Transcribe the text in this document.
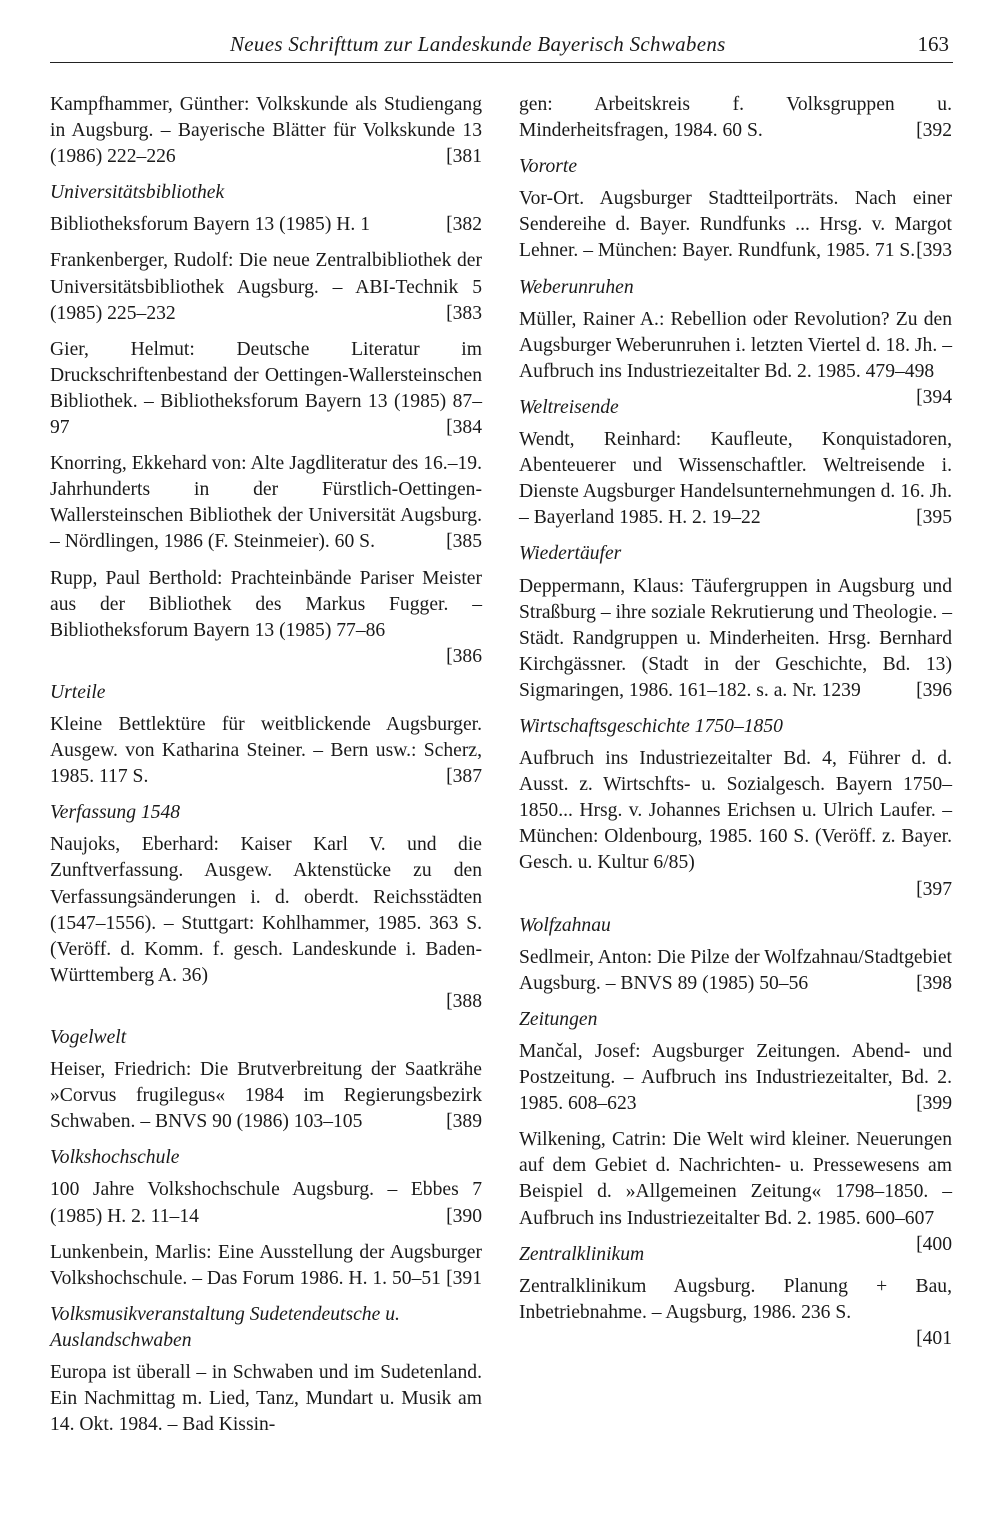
Neues Schrifttum zur Landeskunde Bayerisch Schwabens	163
Kampfhammer, Günther: Volkskunde als Studiengang in Augsburg. – Bayerische Blätter für Volkskunde 13 (1986) 222–226	[381
Universitätsbibliothek
Bibliotheksforum Bayern 13 (1985) H. 1	[382
Frankenberger, Rudolf: Die neue Zentralbibliothek der Universitätsbibliothek Augsburg. – ABI-Technik 5 (1985) 225–232	[383
Gier, Helmut: Deutsche Literatur im Druckschriftenbestand der Oettingen-Wallersteinschen Bibliothek. – Bibliotheksforum Bayern 13 (1985) 87–97	[384
Knorring, Ekkehard von: Alte Jagdliteratur des 16.–19. Jahrhunderts in der Fürstlich-Oettingen-Wallersteinschen Bibliothek der Universität Augsburg. – Nördlingen, 1986 (F. Steinmeier). 60 S.	[385
Rupp, Paul Berthold: Prachteinbände Pariser Meister aus der Bibliothek des Markus Fugger. – Bibliotheksforum Bayern 13 (1985) 77–86
[386
Urteile
Kleine Bettlektüre für weitblickende Augsburger. Ausgew. von Katharina Steiner. – Bern usw.: Scherz, 1985. 117 S.	[387
Verfassung 1548
Naujoks, Eberhard: Kaiser Karl V. und die Zunftverfassung. Ausgew. Aktenstücke zu den Verfassungsänderungen i. d. oberdt. Reichsstädten (1547–1556). – Stuttgart: Kohlhammer, 1985. 363 S. (Veröff. d. Komm. f. gesch. Landeskunde i. Baden-Württemberg A. 36)
[388
Vogelwelt
Heiser, Friedrich: Die Brutverbreitung der Saatkrähe »Corvus frugilegus« 1984 im Regierungsbezirk Schwaben. – BNVS 90 (1986) 103–105	[389
Volkshochschule
100 Jahre Volkshochschule Augsburg. – Ebbes 7 (1985) H. 2. 11–14	[390
Lunkenbein, Marlis: Eine Ausstellung der Augsburger Volkshochschule. – Das Forum 1986. H. 1. 50–51 [391
Volksmusikveranstaltung Sudetendeutsche u. Auslandschwaben
Europa ist überall – in Schwaben und im Sudetenland. Ein Nachmittag m. Lied, Tanz, Mundart u. Musik am 14. Okt. 1984. – Bad Kissin-
gen: Arbeitskreis f. Volksgruppen u. Minderheitsfragen, 1984. 60 S.	[392
Vororte
Vor-Ort. Augsburger Stadtteilporträts. Nach einer Sendereihe d. Bayer. Rundfunks ... Hrsg. v. Margot Lehner. – München: Bayer. Rundfunk, 1985. 71 S. [393
Weberunruhen
Müller, Rainer A.: Rebellion oder Revolution? Zu den Augsburger Weberunruhen i. letzten Viertel d. 18. Jh. – Aufbruch ins Industriezeitalter Bd. 2. 1985. 479–498
[394
Weltreisende
Wendt, Reinhard: Kaufleute, Konquistadoren, Abenteuerer und Wissenschaftler. Weltreisende i. Dienste Augsburger Handelsunternehmungen d. 16. Jh. – Bayerland 1985. H. 2. 19–22	[395
Wiedertäufer
Deppermann, Klaus: Täufergruppen in Augsburg und Straßburg – ihre soziale Rekrutierung und Theologie. – Städt. Randgruppen u. Minderheiten. Hrsg. Bernhard Kirchgässner. (Stadt in der Geschichte, Bd. 13) Sigmaringen, 1986. 161–182. s. a. Nr. 1239	[396
Wirtschaftsgeschichte 1750–1850
Aufbruch ins Industriezeitalter Bd. 4, Führer d. d. Ausst. z. Wirtschfts- u. Sozialgesch. Bayern 1750–1850... Hrsg. v. Johannes Erichsen u. Ulrich Laufer. – München: Oldenbourg, 1985. 160 S. (Veröff. z. Bayer. Gesch. u. Kultur 6/85)
[397
Wolfzahnau
Sedlmeir, Anton: Die Pilze der Wolfzahnau/Stadtgebiet Augsburg. – BNVS 89 (1985) 50–56	[398
Zeitungen
Mančal, Josef: Augsburger Zeitungen. Abend- und Postzeitung. – Aufbruch ins Industriezeitalter, Bd. 2. 1985. 608–623	[399
Wilkening, Catrin: Die Welt wird kleiner. Neuerungen auf dem Gebiet d. Nachrichten- u. Pressewesens am Beispiel d. »Allgemeinen Zeitung« 1798–1850. – Aufbruch ins Industriezeitalter Bd. 2. 1985. 600–607
[400
Zentralklinikum
Zentralklinikum Augsburg. Planung + Bau, Inbetriebnahme. – Augsburg, 1986. 236 S.
[401
